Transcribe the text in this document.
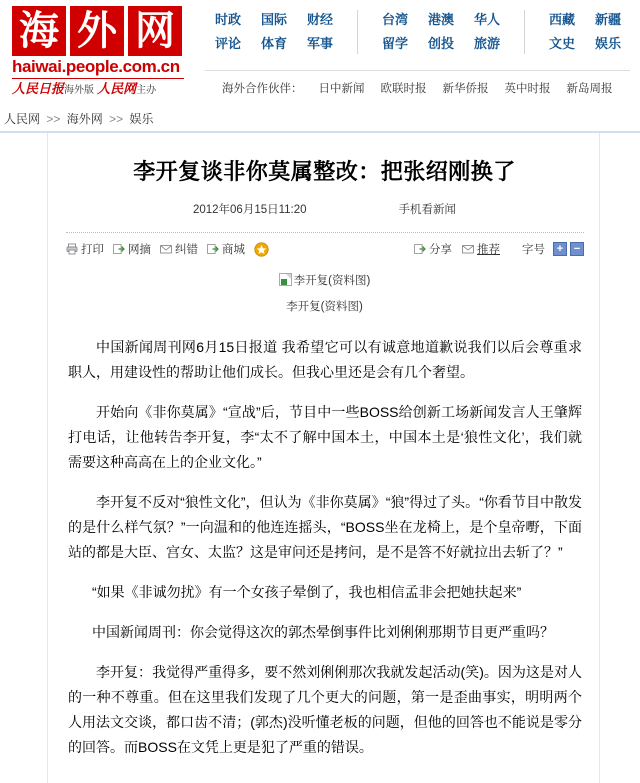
海 外 网
haiwai.people.com.cn
人民日报海外版 人民网主办
时政	国际	财经
评论	体育	军事
台湾	港澳	华人
留学	创投	旅游
西藏	新疆
文史	娱乐
海外合作伙伴： 日中新闻 欧联时报 新华侨报 英中时报 新岛周报
人民网 >> 海外网 >> 娱乐
李开复谈非你莫属整改：把张绍刚换了
2012年06月15日11:20	手机看新闻
打印 网摘 纠错 商城	分享 推荐 字号	+ −
李开复(资料图)
李开复(资料图)

中国新闻周刊网6月15日报道 我希望它可以有诚意地道歉说我们以后会尊重求职人，用建设性的帮助让他们成长。但我心里还是会有几个奢望。

开始向《非你莫属》“宣战”后，节目中一些BOSS给创新工场新闻发言人王肇辉打电话，让他转告李开复，李“太不了解中国本土，中国本土是‘狼性文化’，我们就需要这种高高在上的企业文化。”

李开复不反对“狼性文化”，但认为《非你莫属》“狼”得过了头。“你看节目中散发的是什么样气氛？”一向温和的他连连摇头，“BOSS坐在龙椅上，是个皇帝嘢，下面站的都是大臣、宫女、太监？这是审问还是拷问，是不是答不好就拉出去斩了？”

“如果《非诚勿扰》有一个女孩子晕倒了，我也相信孟非会把她扶起来”

中国新闻周刊：你会觉得这次的郭杰晕倒事件比刘俐俐那期节目更严重吗？

李开复：我觉得严重得多，要不然刘俐俐那次我就发起活动(笑)。因为这是对人的一种不尊重。但在这里我们发现了几个更大的问题，第一是歪曲事实，明明两个人用法文交谈，都口齿不清；(郭杰)没听懂老板的问题，但他的回答也不能说是零分的回答。而BOSS在文凭上更是犯了严重的错误。
